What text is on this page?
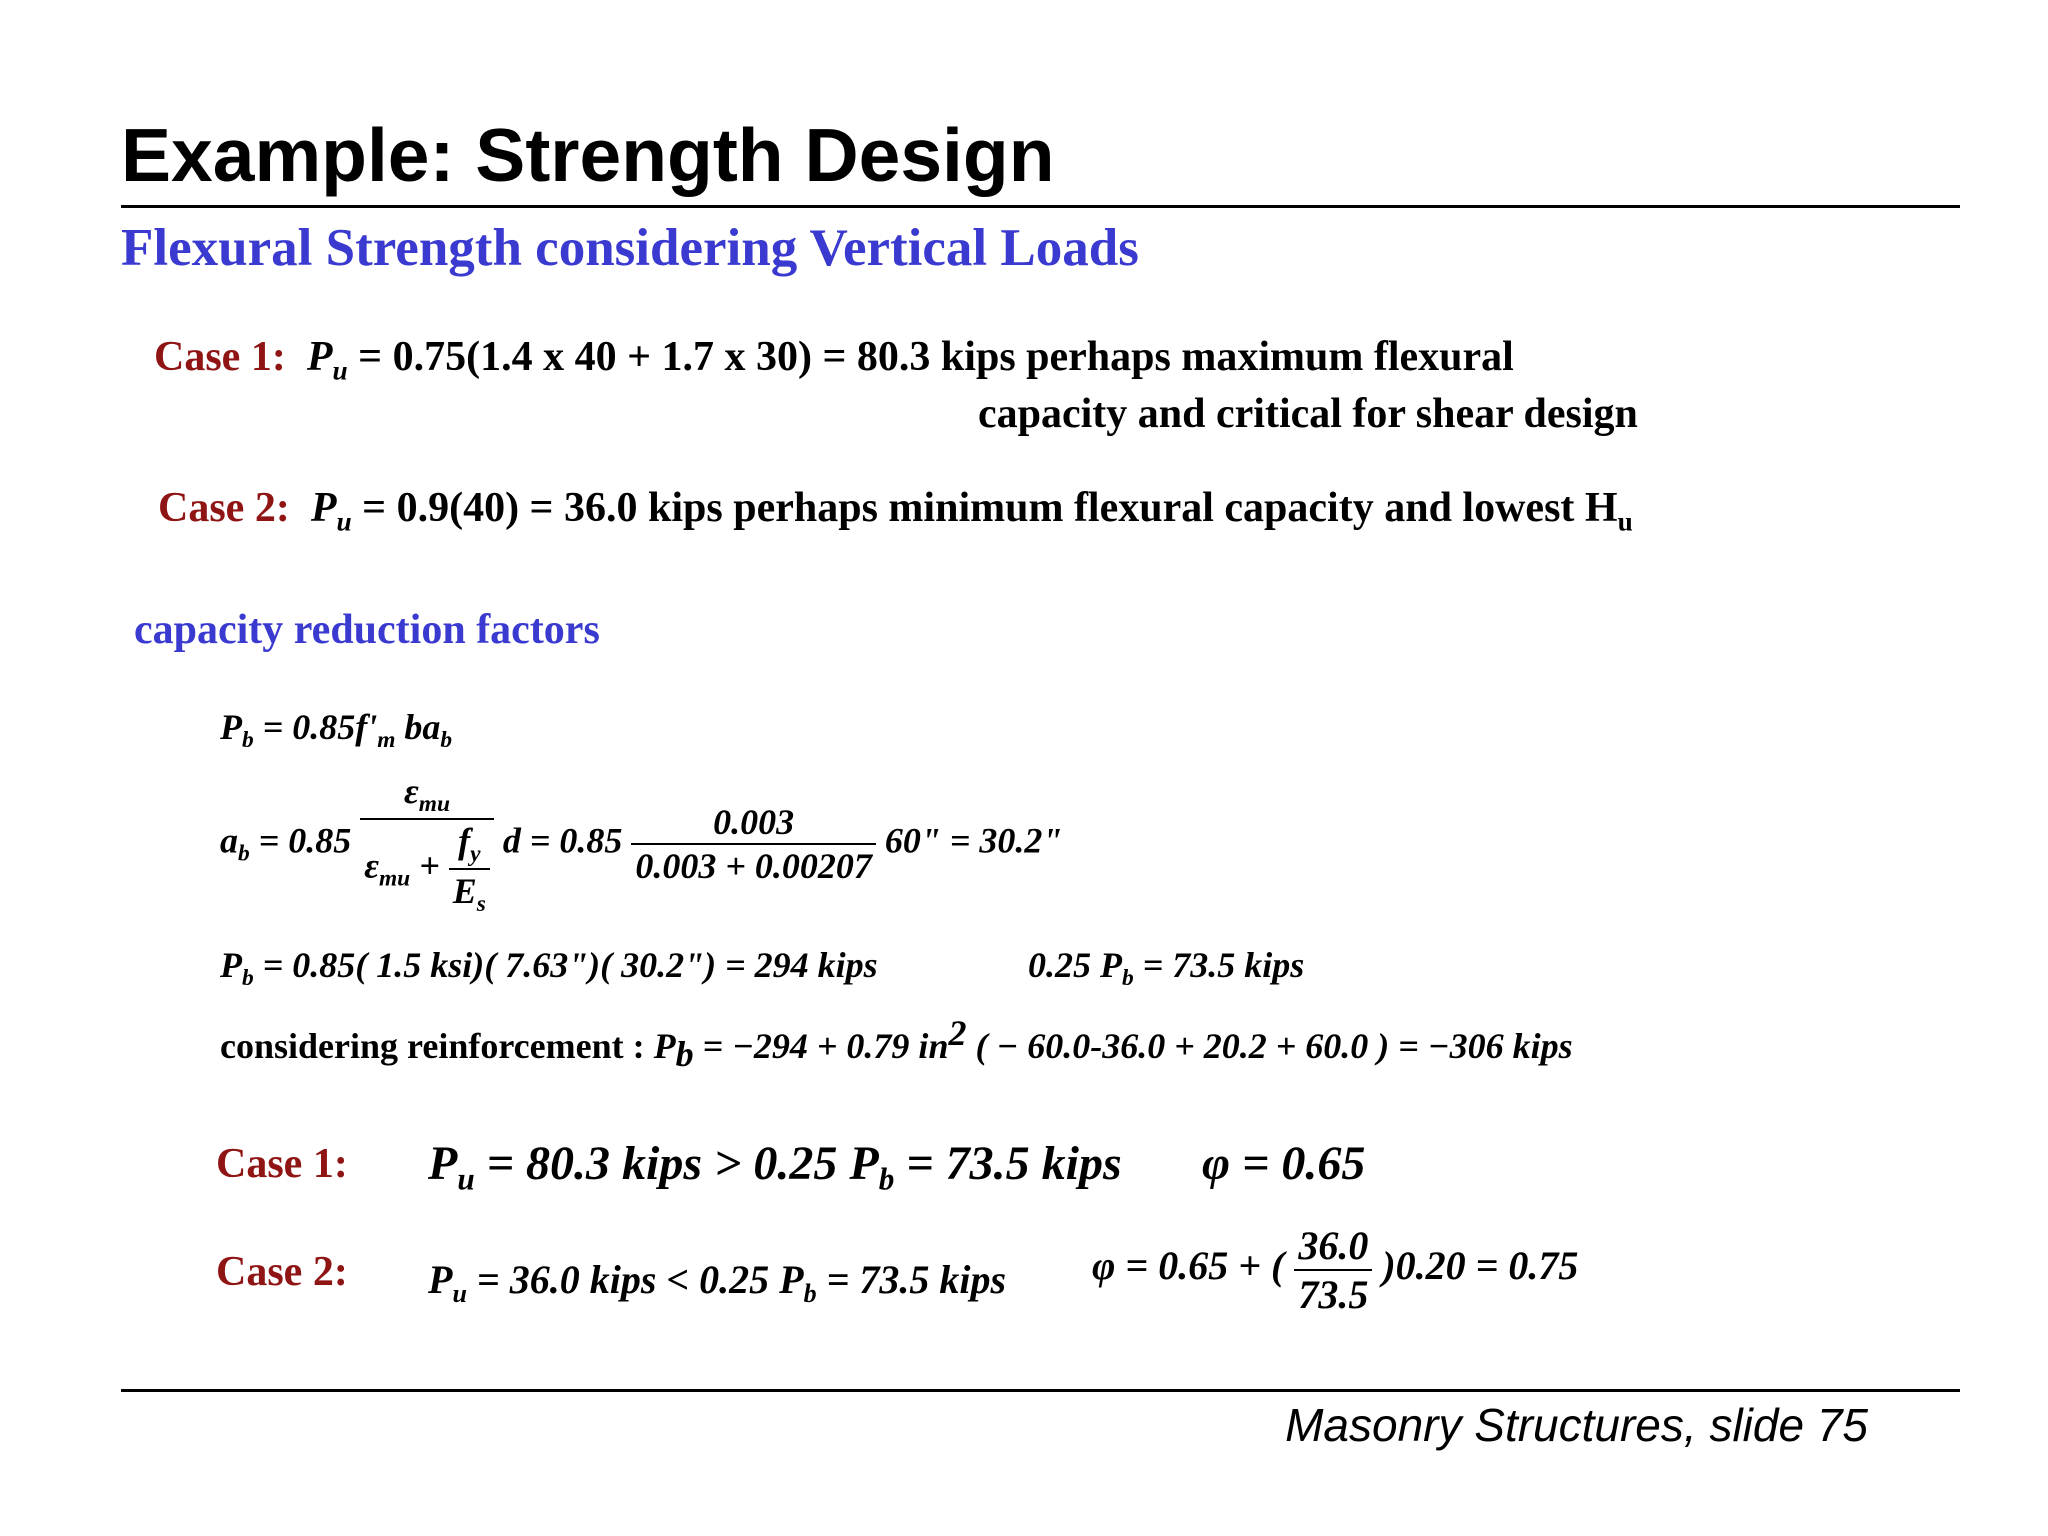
Example: Strength Design
Flexural Strength considering Vertical Loads
Case 1: $P_u = 0.75(1.4$ x 40 + 1.7 x 30) = 80.3 kips perhaps maximum flexural
capacity and critical for shear design
Case 2: $P_u = 0.9(40) = 36.0$ kips perhaps minimum flexural capacity and lowest $H_u$
capacity reduction factors
$P_b = 0.85f'_m$ $ba_b$
$a_b = 0.85 \frac{\varepsilon_{mu}}{\varepsilon_{mu} + \frac{f_y}{E_s}}$ $d = 0.85 \frac{0.003}{0.003 + 0.00207} 60$" = 30.2"
$P_b = 0.85$( 1.5 ksi)( 7.63")( 30.2") = 294 kips	0.25 $P_b = 73.5$ kips
considering reinforcement : $P_b = -294 + 0.79$ $in^2$ ( − 60.0-36.0 + 20.2 + 60.0 ) = −306 kips
Case 1: $P_u = 80.3$ kips > 0.25 $P_b = 73.5$ kips φ = 0.65
Case 2: $P_u = 36.0$ kips < 0.25 $P_b = 73.5$ kips φ = 0.65 + ( $\frac{36.0}{73.5} )0.20 = 0.75$
Masonry Structures, slide 75
